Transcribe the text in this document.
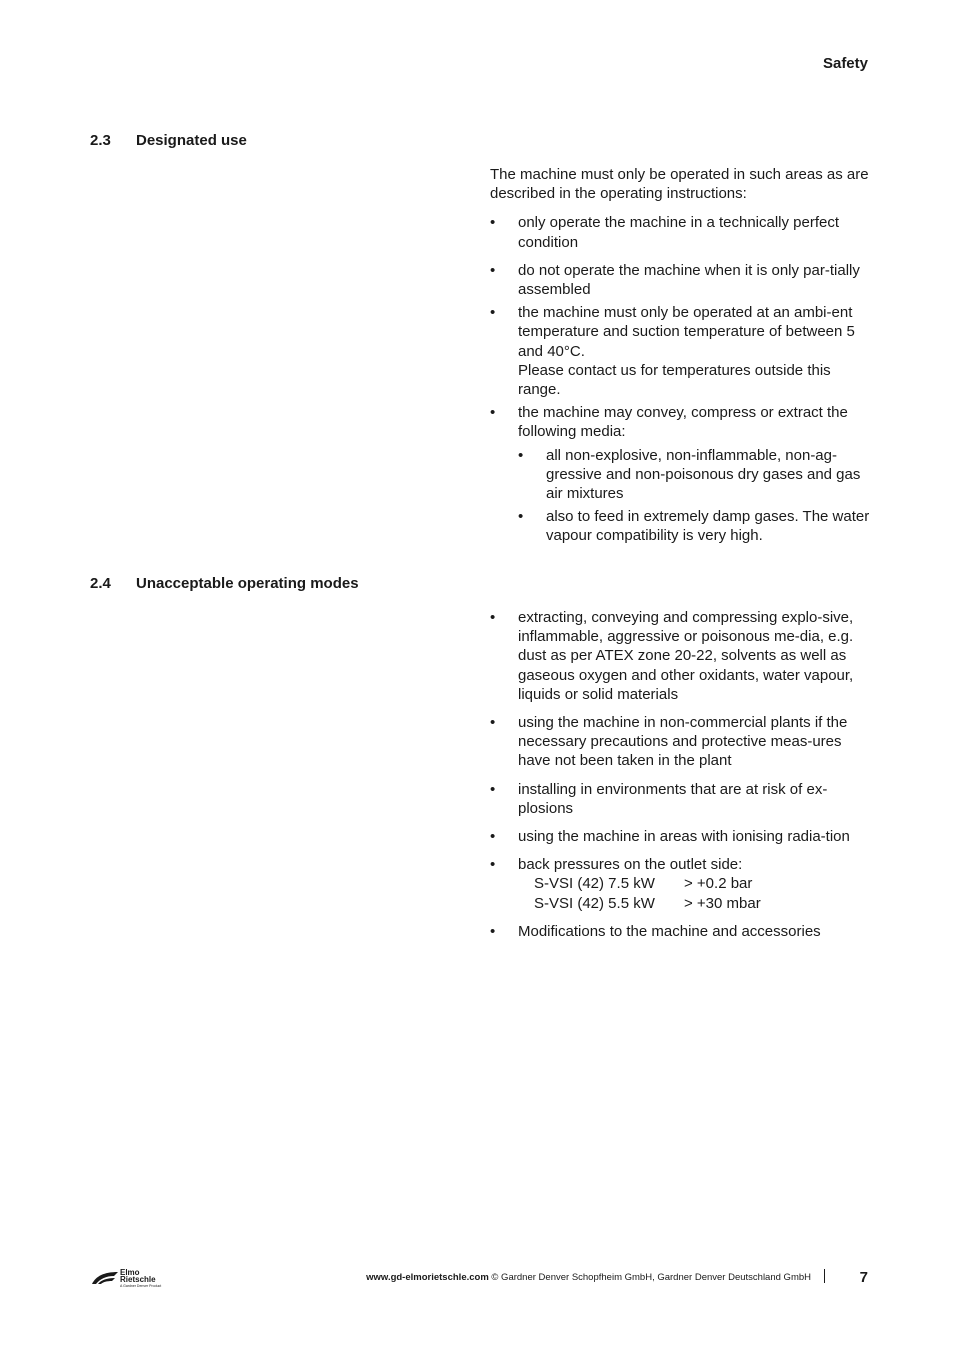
Safety
2.3 Designated use

The machine must only be operated in such areas as are described in the operating instructions:

• only operate the machine in a technically perfect condition
• do not operate the machine when it is only par-tially assembled
• the machine must only be operated at an ambi-ent temperature and suction temperature of between 5 and 40°C.
Please contact us for temperatures outside this range.
• the machine may convey, compress or extract the following media:
• all non-explosive, non-inflammable, non-ag-gressive and non-poisonous dry gases and gas air mixtures
• also to feed in extremely damp gases. The water vapour compatibility is very high.
2.4 Unacceptable operating modes
• extracting, conveying and compressing explo-sive, inflammable, aggressive or poisonous me-dia, e.g. dust as per ATEX zone 20-22, solvents as well as gaseous oxygen and other oxidants, water vapour, liquids or solid materials
• using the machine in non-commercial plants if the necessary precautions and protective meas-ures have not been taken in the plant
• installing in environments that are at risk of ex-plosions
• using the machine in areas with ionising radia-tion
• back pressures on the outlet side:
S-VSI (42) 7.5 kW > +0.2 bar
S-VSI (42) 5.5 kW > +30 mbar
• Modifications to the machine and accessories
Elmo
Rietschle
A Gardner Denver Product
www.gd-elmorietschle.com © Gardner Denver Schopfheim GmbH, Gardner Denver Deutschland GmbH	7
